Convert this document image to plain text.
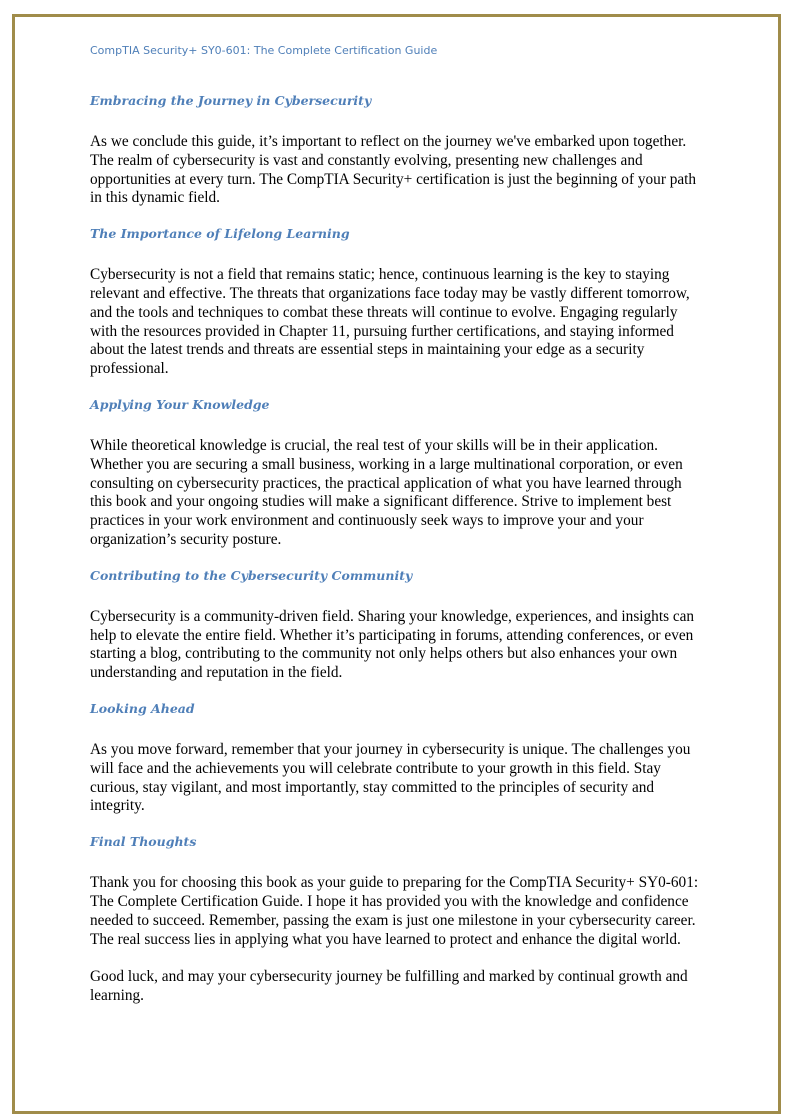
CompTIA Security+ SY0-601: The Complete Certification Guide
Embracing the Journey in Cybersecurity

As we conclude this guide, it’s important to reflect on the journey we've embarked upon together. The realm of cybersecurity is vast and constantly evolving, presenting new challenges and opportunities at every turn. The CompTIA Security+ certification is just the beginning of your path in this dynamic field.

The Importance of Lifelong Learning

Cybersecurity is not a field that remains static; hence, continuous learning is the key to staying relevant and effective. The threats that organizations face today may be vastly different tomorrow, and the tools and techniques to combat these threats will continue to evolve. Engaging regularly with the resources provided in Chapter 11, pursuing further certifications, and staying informed about the latest trends and threats are essential steps in maintaining your edge as a security professional.

Applying Your Knowledge

While theoretical knowledge is crucial, the real test of your skills will be in their application. Whether you are securing a small business, working in a large multinational corporation, or even consulting on cybersecurity practices, the practical application of what you have learned through this book and your ongoing studies will make a significant difference. Strive to implement best practices in your work environment and continuously seek ways to improve your and your organization’s security posture.

Contributing to the Cybersecurity Community

Cybersecurity is a community-driven field. Sharing your knowledge, experiences, and insights can help to elevate the entire field. Whether it’s participating in forums, attending conferences, or even starting a blog, contributing to the community not only helps others but also enhances your own understanding and reputation in the field.

Looking Ahead

As you move forward, remember that your journey in cybersecurity is unique. The challenges you will face and the achievements you will celebrate contribute to your growth in this field. Stay curious, stay vigilant, and most importantly, stay committed to the principles of security and integrity.

Final Thoughts

Thank you for choosing this book as your guide to preparing for the CompTIA Security+ SY0-601: The Complete Certification Guide. I hope it has provided you with the knowledge and confidence needed to succeed. Remember, passing the exam is just one milestone in your cybersecurity career. The real success lies in applying what you have learned to protect and enhance the digital world.

Good luck, and may your cybersecurity journey be fulfilling and marked by continual growth and learning.
